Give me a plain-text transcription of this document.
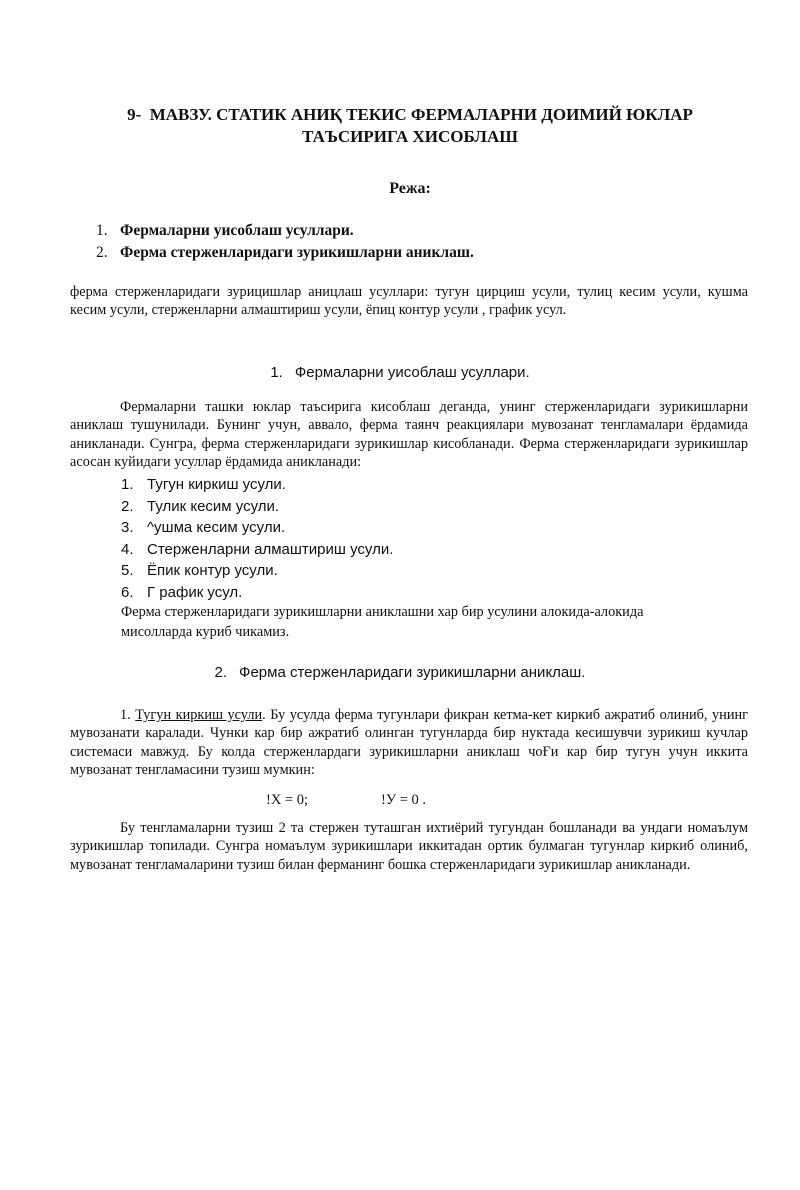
9- МАВЗУ. СТАТИК АНИҚ ТЕКИС ФЕРМАЛАРНИ ДОИМИЙ ЮКЛАР
ТАЪСИРИГА ХИСОБЛАШ
Режа:
1. Фермаларни уисоблаш усуллари.
2. Ферма стерженларидаги зурикишларни аниклаш.
ферма стерженларидаги зурицишлар аницлаш усуллари: тугун цирциш усули, тулиц кесим усули, кушма кесим усули, стерженларни алмаштириш усули, ёпиц контур усули , график усул.
1. Фермаларни уисоблаш усуллари.
Фермаларни ташки юклар таъсирига кисоблаш деганда, унинг стерженларидаги зурикишларни аниклаш тушунилади. Бунинг учун, аввало, ферма таянч реакциялари мувозанат тенгламалари ёрдамида аникланади. Сунгра, ферма стерженларидаги зурикишлар кисобланади. Ферма стерженларидаги зурикишлар асосан куйидаги усуллар ёрдамида аникланади:
1. Тугун киркиш усули.
2. Тулик кесим усули.
3. ^ушма кесим усули.
4. Стерженларни алмаштириш усули.
5. Ёпик контур усули.
6. Г рафик усул.
Ферма стерженларидаги зурикишларни аниклашни хар бир усулини алокида-алокида мисолларда куриб чикамиз.
2. Ферма стерженларидаги зурикишларни аниклаш.
1. Тугун киркиш усули. Бу усулда ферма тугунлари фикран кетма-кет киркиб ажратиб олиниб, унинг мувозанати каралади. Чунки кар бир ажратиб олинган тугунларда бир нуктада кесишувчи зурикиш кучлар системаси мавжуд. Бу колда стерженлардаги зурикишларни аниклаш чоҒи кар бир тугун учун иккита мувозанат тенгламасини тузиш мумкин:
!X = 0;	!У = 0 .
Бу тенгламаларни тузиш 2 та стержен туташган ихтиёрий тугундан бошланади ва ундаги номаълум зурикишлар топилади. Сунгра номаълум зурикишлари иккитадан ортик булмаган тугунлар киркиб олиниб, мувозанат тенгламаларини тузиш билан ферманинг бошка стерженларидаги зурикишлар аникланади.
